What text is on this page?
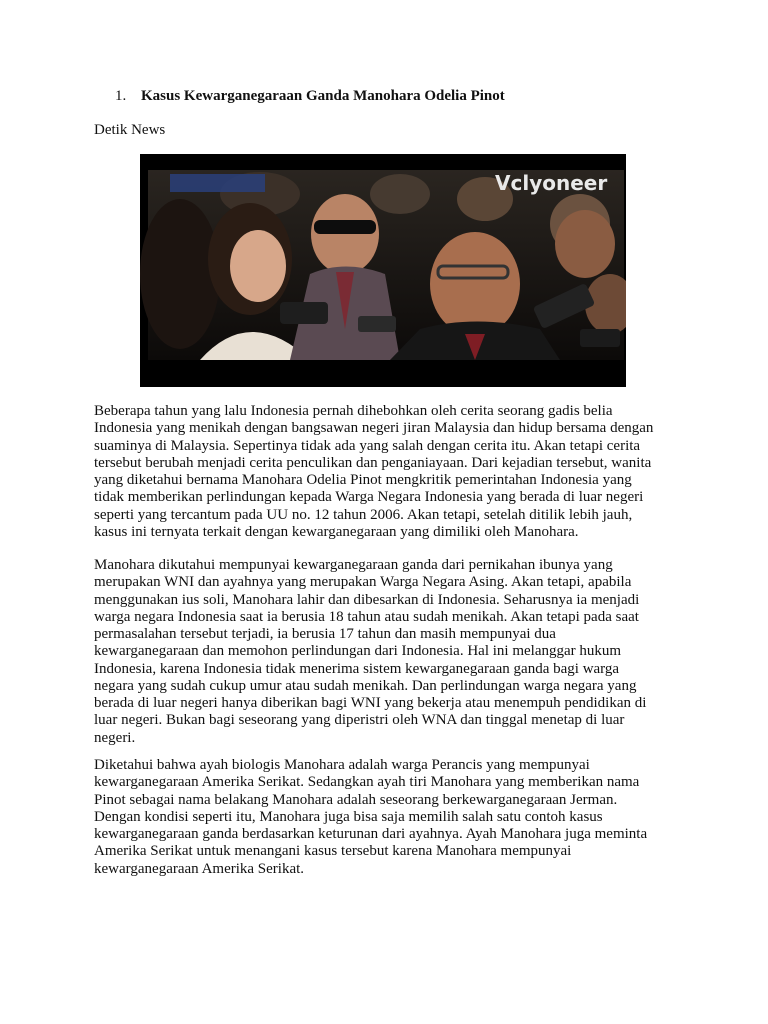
1. Kasus Kewarganegaraan Ganda Manohara Odelia Pinot
Detik News
Vclyoneer
Beberapa tahun yang lalu Indonesia pernah dihebohkan oleh cerita seorang gadis belia
Indonesia yang menikah dengan bangsawan negeri jiran Malaysia dan hidup bersama dengan
suaminya di Malaysia. Sepertinya tidak ada yang salah dengan cerita itu. Akan tetapi cerita
tersebut berubah menjadi cerita penculikan dan penganiayaan. Dari kejadian tersebut, wanita
yang diketahui bernama Manohara Odelia Pinot mengkritik pemerintahan Indonesia yang
tidak memberikan perlindungan kepada Warga Negara Indonesia yang berada di luar negeri
seperti yang tercantum pada UU no. 12 tahun 2006. Akan tetapi, setelah ditilik lebih jauh,
kasus ini ternyata terkait dengan kewarganegaraan yang dimiliki oleh Manohara.
Manohara dikutahui mempunyai kewarganegaraan ganda dari pernikahan ibunya yang
merupakan WNI dan ayahnya yang merupakan Warga Negara Asing. Akan tetapi, apabila
menggunakan ius soli, Manohara lahir dan dibesarkan di Indonesia. Seharusnya ia menjadi
warga negara Indonesia saat ia berusia 18 tahun atau sudah menikah. Akan tetapi pada saat
permasalahan tersebut terjadi, ia berusia 17 tahun dan masih mempunyai dua
kewarganegaraan dan memohon perlindungan dari Indonesia. Hal ini melanggar hukum
Indonesia, karena Indonesia tidak menerima sistem kewarganegaraan ganda bagi warga
negara yang sudah cukup umur atau sudah menikah. Dan perlindungan warga negara yang
berada di luar negeri hanya diberikan bagi WNI yang bekerja atau menempuh pendidikan di
luar negeri. Bukan bagi seseorang yang diperistri oleh WNA dan tinggal menetap di luar
negeri.
Diketahui bahwa ayah biologis Manohara adalah warga Perancis yang mempunyai
kewarganegaraan Amerika Serikat. Sedangkan ayah tiri Manohara yang memberikan nama
Pinot sebagai nama belakang Manohara adalah seseorang berkewarganegaraan Jerman.
Dengan kondisi seperti itu, Manohara juga bisa saja memilih salah satu contoh kasus
kewarganegaraan ganda berdasarkan keturunan dari ayahnya. Ayah Manohara juga meminta
Amerika Serikat untuk menangani kasus tersebut karena Manohara mempunyai
kewarganegaraan Amerika Serikat.
